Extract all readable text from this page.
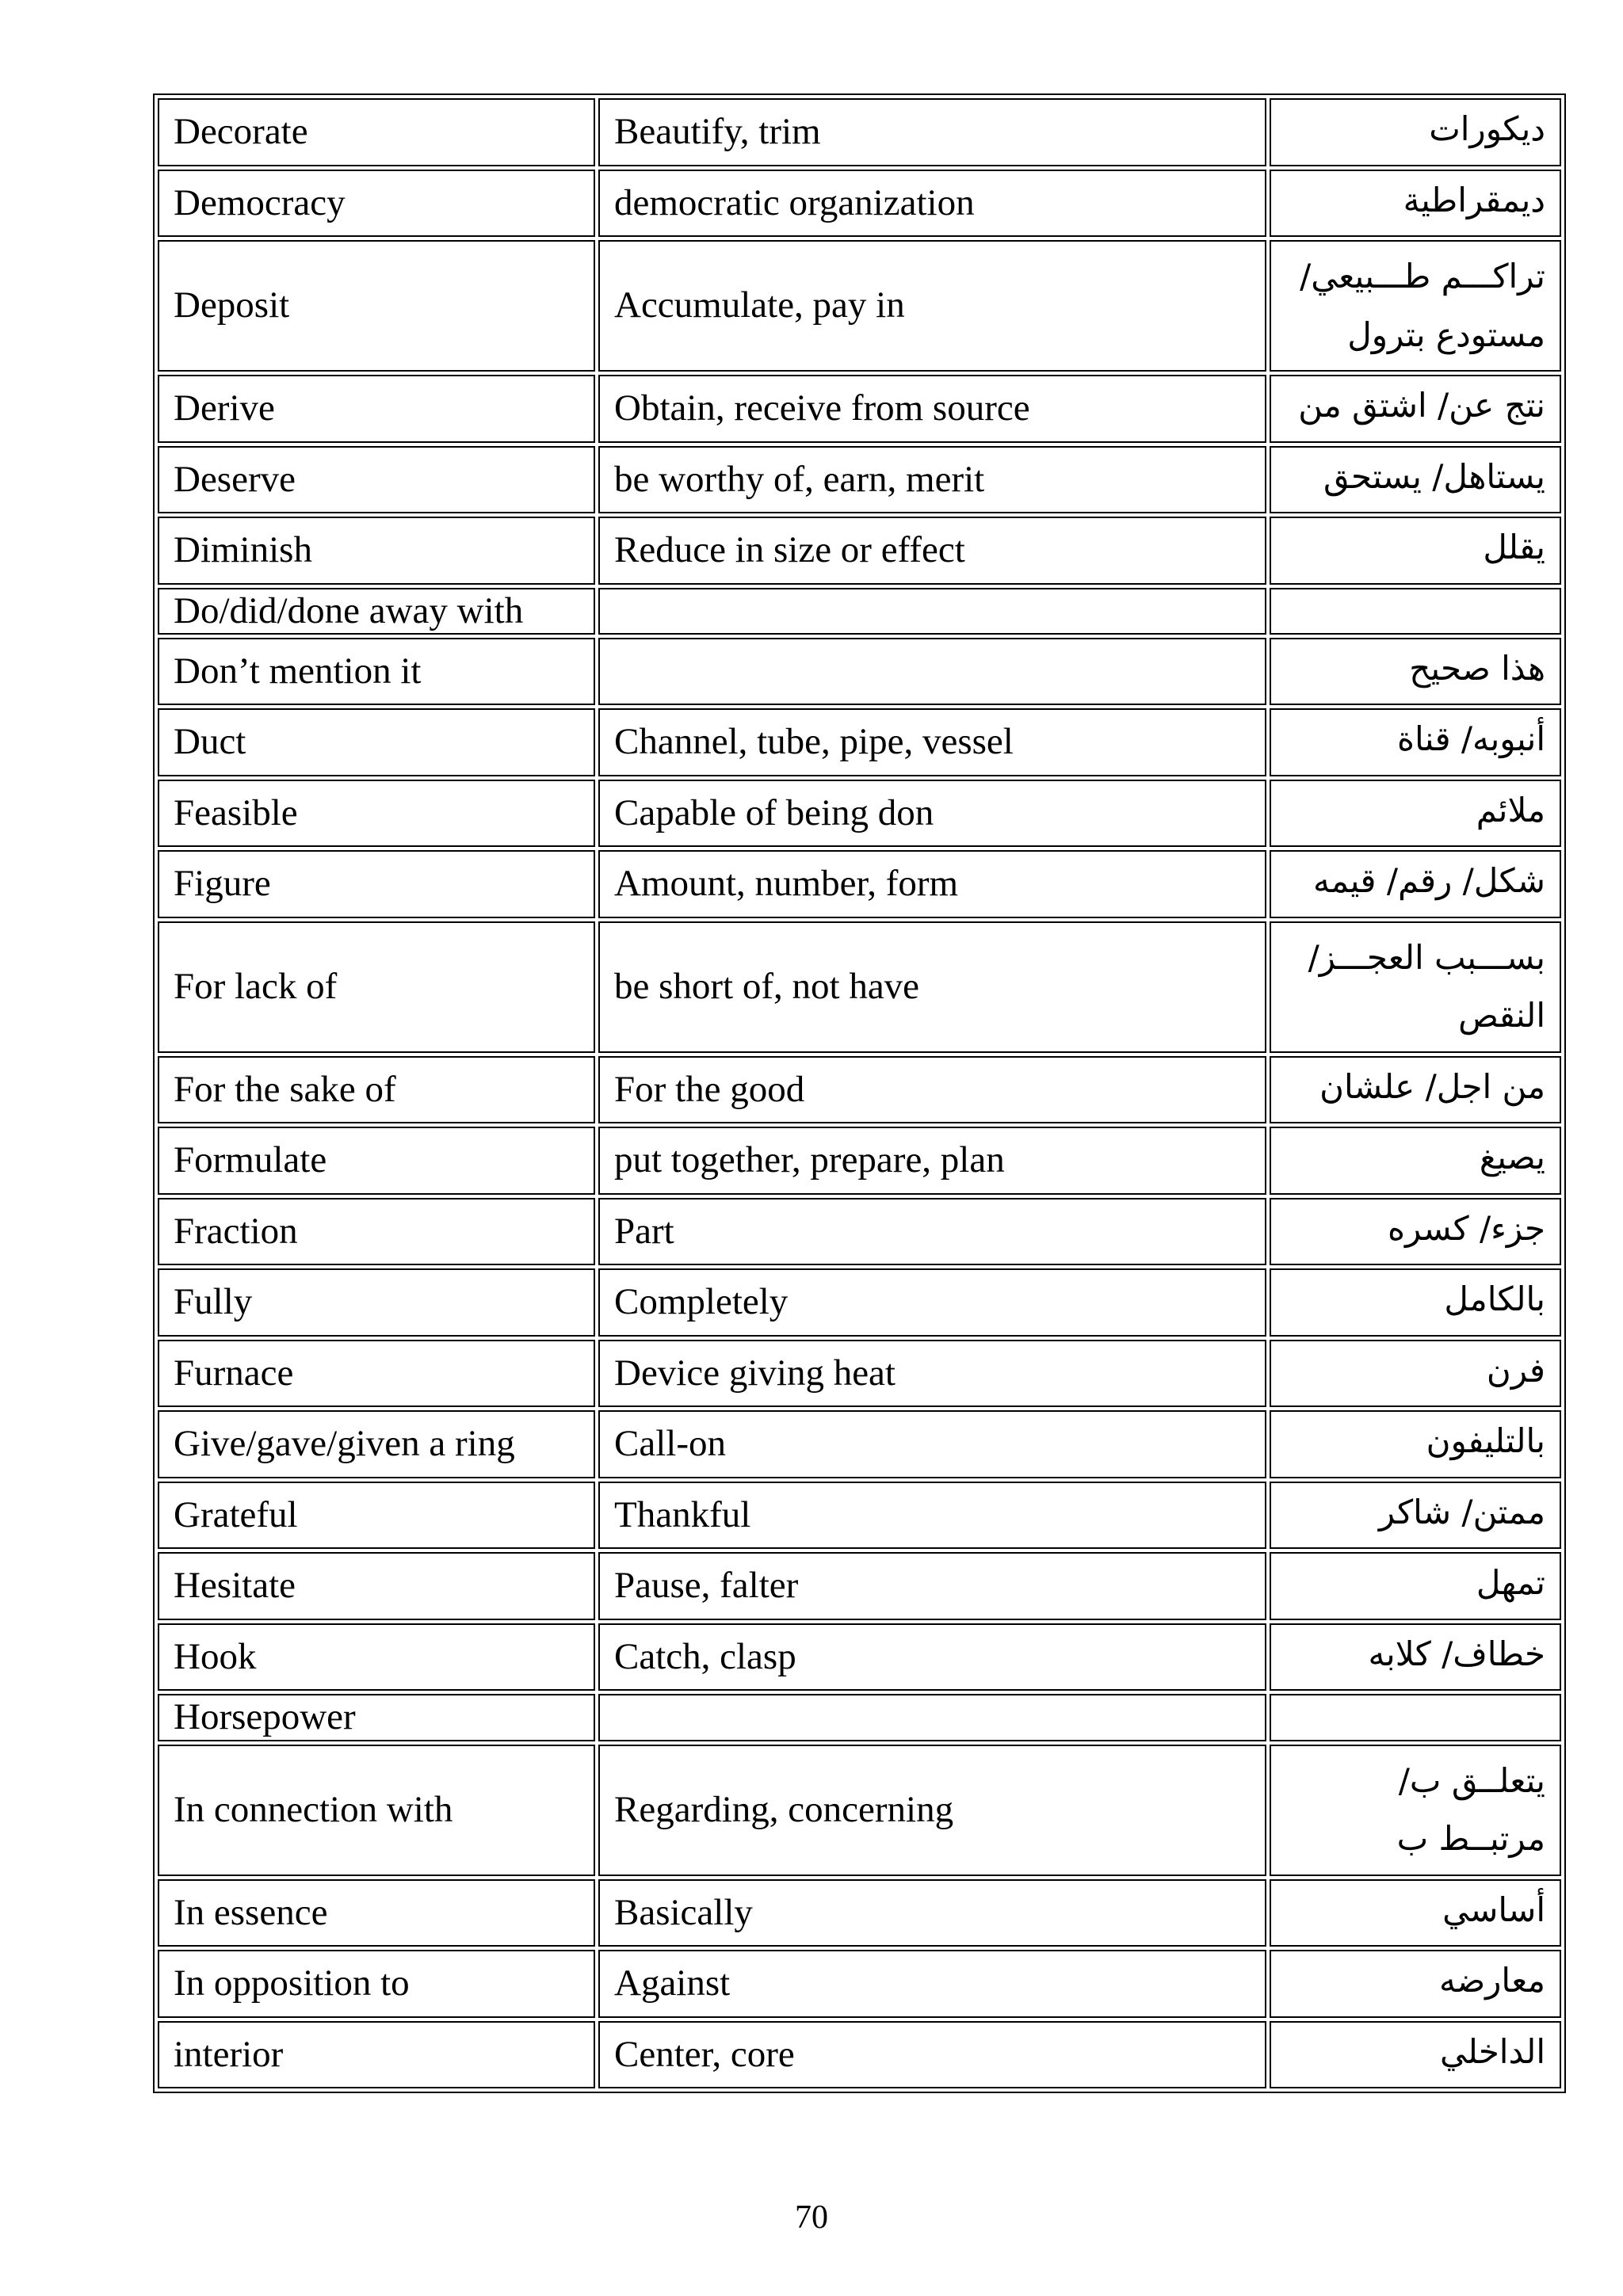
Decorate	Beautify, trim	ديكورات
Democracy	democratic organization	ديمقراطية
Deposit	Accumulate, pay in	تراكـــم طـــبيعي/ مستودع بترول
Derive	Obtain, receive from source	نتج عن/ اشتق من
Deserve	be worthy of, earn, merit	يستاهل/ يستحق
Diminish	Reduce in size or effect	يقلل
Do/did/done away with		
Don’t mention it		هذا صحيح
Duct	Channel, tube, pipe, vessel	أنبوبه/ قناة
Feasible	Capable of being don	ملائم
Figure	Amount, number, form	شكل/ رقم/ قيمه
For lack of	be short of, not have	بســـبب العجـــز/ النقص
For the sake of	For the good	من اجل/ علشان
Formulate	put together, prepare, plan	يصيغ
Fraction	Part	جزء/ كسره
Fully	Completely	بالكامل
Furnace	Device giving heat	فرن
Give/gave/given a ring	Call-on	بالتليفون
Grateful	Thankful	ممتن/ شاكر
Hesitate	Pause, falter	تمهل
Hook	Catch, clasp	خطاف/ كلابه
Horsepower		
In connection with	Regarding, concerning	يتعلــق ب/ مرتبــط ب
In essence	Basically	أساسي
In opposition to	Against	معارضه
interior	Center, core	الداخلي
70
